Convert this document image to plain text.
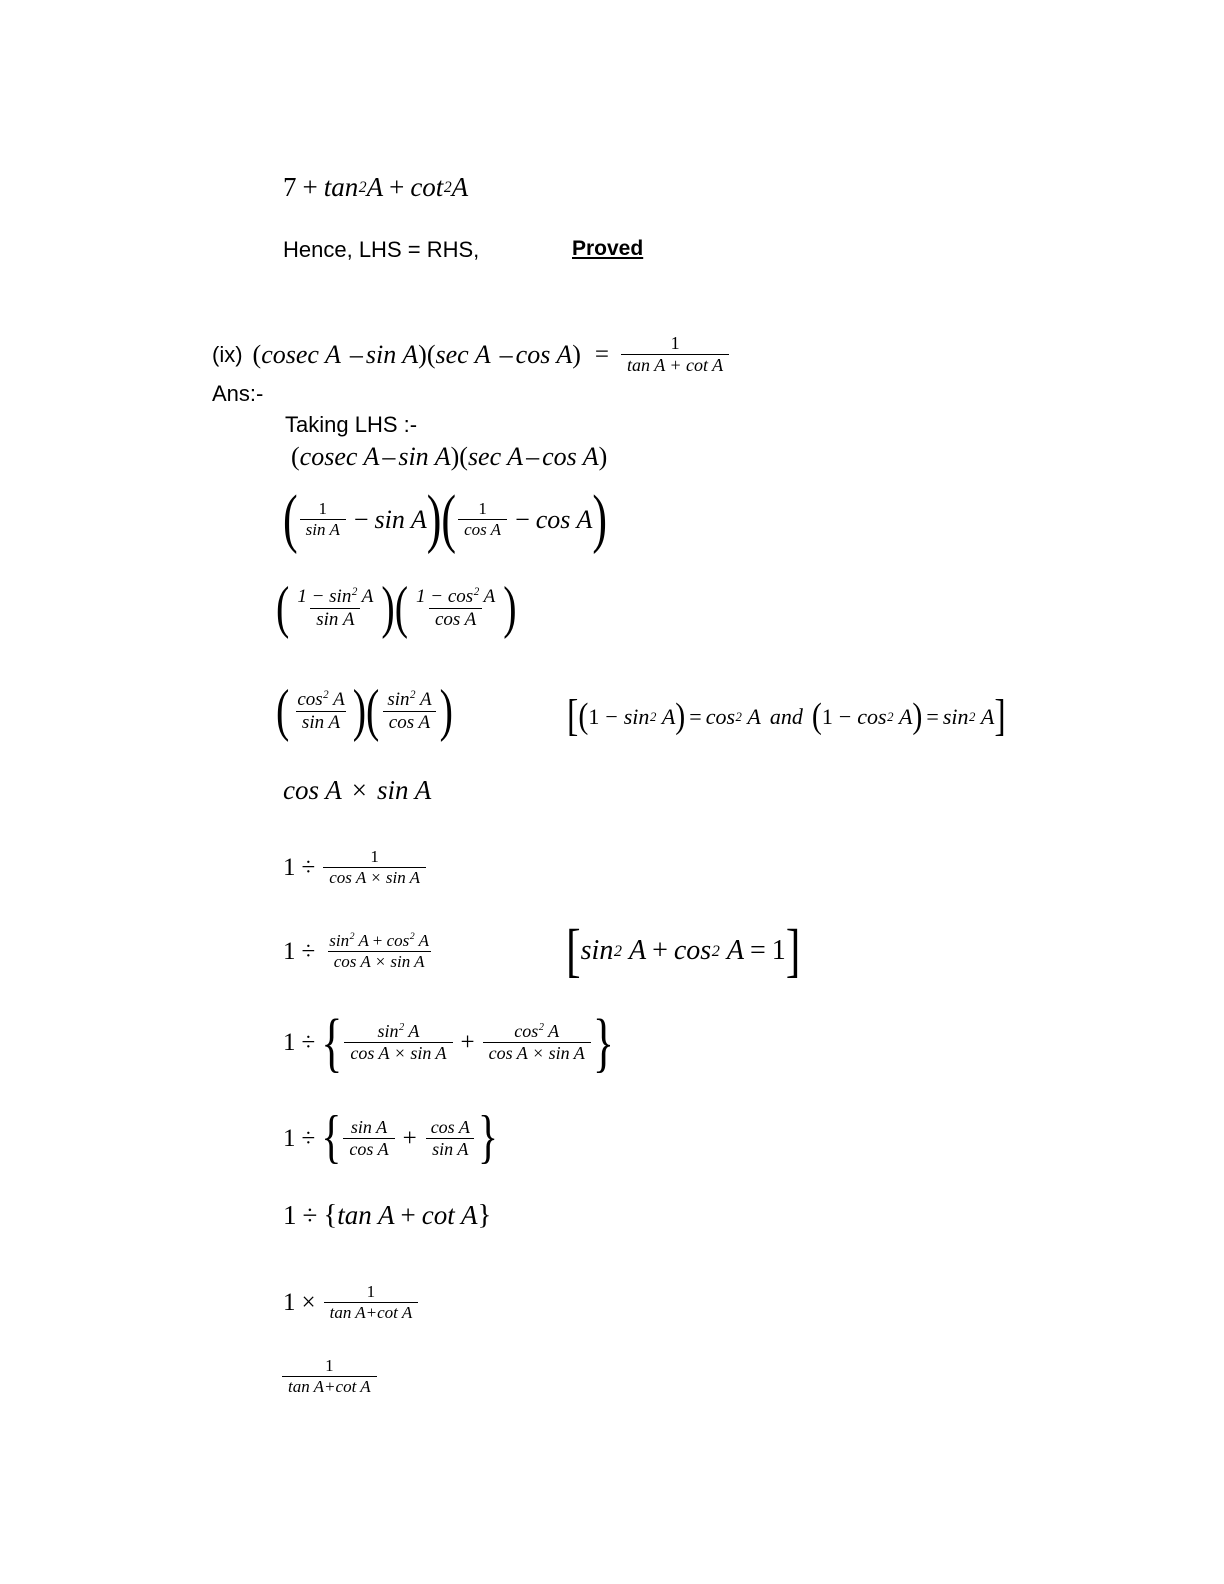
7 + tan 2 A + cot 2 A
Hence, LHS = RHS,	Proved
(ix) (cosec A – sin A)(sec $A - \cos A) = \frac{1}{\text{tan A + cot A}}$
Ans:-
Taking LHS :-
( cosec A – sin A ) ( sec A – cos A )
( $\frac{1}{\text{sin A}} - \sin A$ ) ( $\frac{1}{\text{cos A}} - \cos A$ )
( $\frac{1 - \sin^2 A}{\text{sin A}}$ ) ( $\frac{1 - \cos^2 A}{\text{cos A}}$ )
( $\frac{\cos^2 A}{\text{sin A}}$ ) ( $\frac{\sin^2 A}{\text{cos A}}$ )	[ ( 1 − sin 2
A ) = cos 2
A and ( 1 − cos 2
A ) = sin 2
A ]
cos A × sin A
$1 \div \frac{1}{\text{cos A × sin A}}$
$1 \div \frac{\sin^2 A + \cos^2 A}{\text{cos A × sin A}}$	[ sin 2
A + cos 2
A = 1 ]
1 ÷ { $\frac{\sin^2 A}{\text{cos A × sin A}} + \frac{\cos^2 A}{\text{cos A × sin A}}$ }
1 ÷ { $\frac{\text{sin A}}{\text{cos A}} + \frac{\text{cos A}}{\text{sin A}}$ }
1 ÷ { tan A + cot A }
$1 \times \frac{1}{\text{tan A+cot A}}$
$\frac{1}{\text{tan A+cot A}}$
